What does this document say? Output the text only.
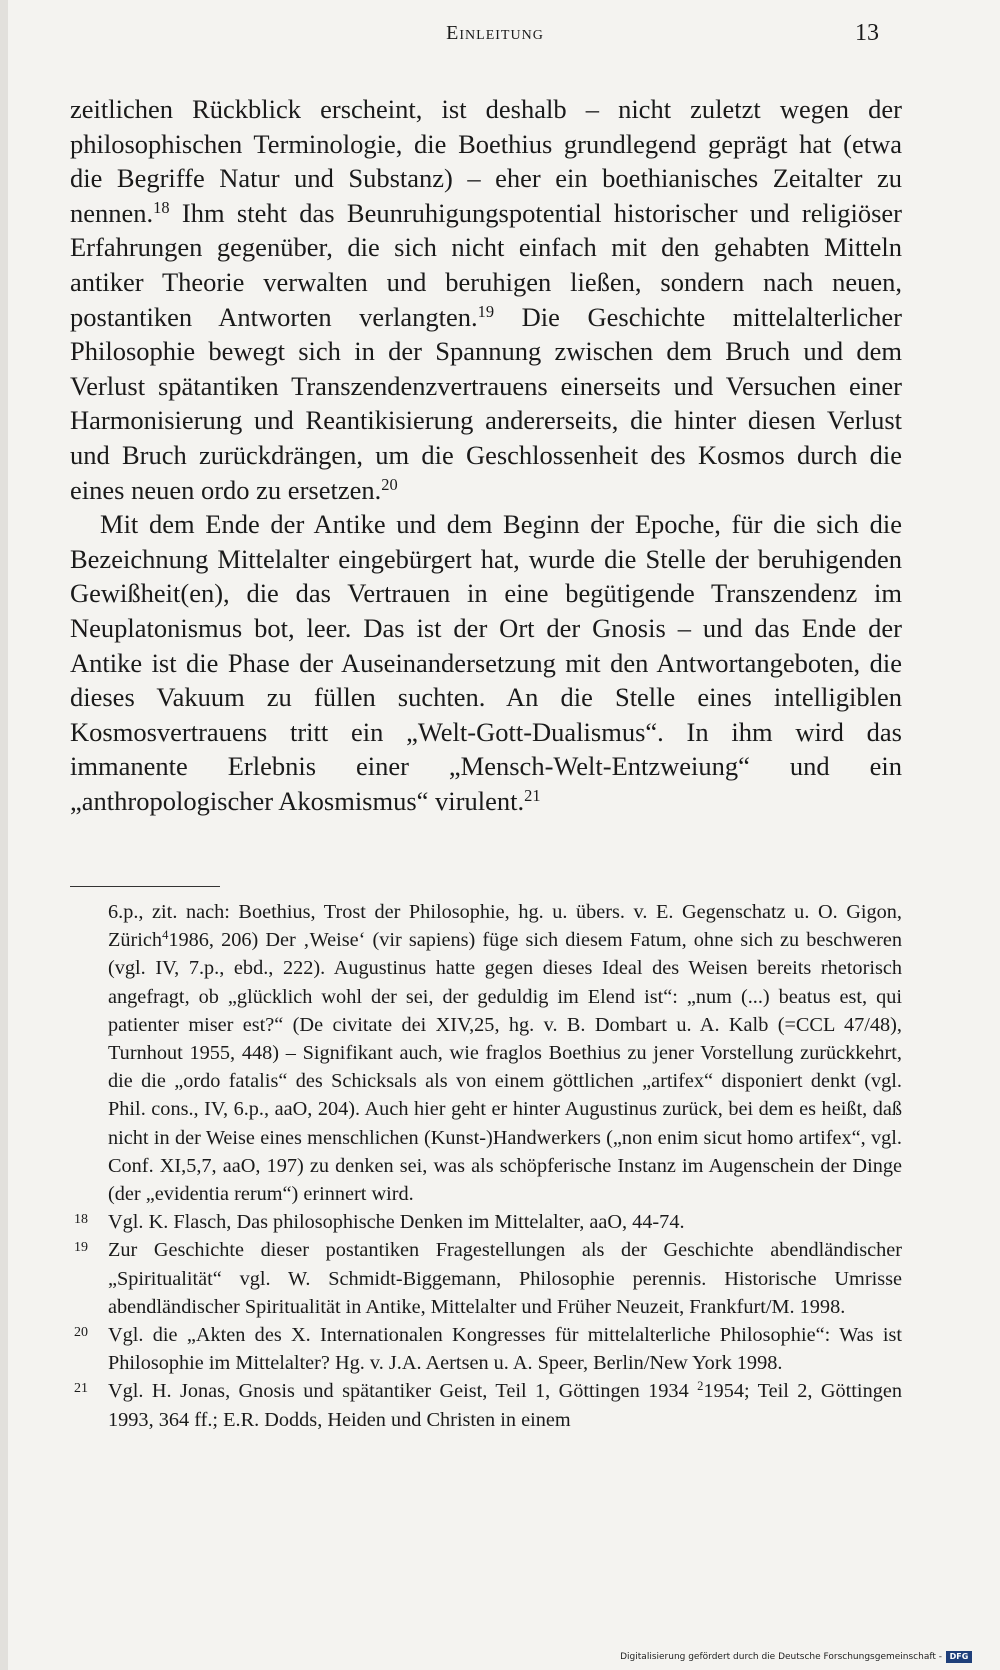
Einleitung	13

zeitlichen Rückblick erscheint, ist deshalb – nicht zuletzt wegen der philosophischen Terminologie, die Boethius grundlegend geprägt hat (etwa die Begriffe Natur und Substanz) – eher ein boethianisches Zeitalter zu nennen.$^{18}$ Ihm steht das Beunruhigungspotential historischer und religiöser Erfahrungen gegenüber, die sich nicht einfach mit den gehabten Mitteln antiker Theorie verwalten und beruhigen ließen, sondern nach neuen, postantiken Antworten verlangten.$^{19}$ Die Geschichte mittelalterlicher Philosophie bewegt sich in der Spannung zwischen dem Bruch und dem Verlust spätantiken Transzendenzvertrauens einerseits und Versuchen einer Harmonisierung und Reantikisierung andererseits, die hinter diesen Verlust und Bruch zurückdrängen, um die Geschlossenheit des Kosmos durch die eines neuen ordo zu ersetzen.$^{20}$

Mit dem Ende der Antike und dem Beginn der Epoche, für die sich die Bezeichnung Mittelalter eingebürgert hat, wurde die Stelle der beruhigenden Gewißheit(en), die das Vertrauen in eine begütigende Transzendenz im Neuplatonismus bot, leer. Das ist der Ort der Gnosis – und das Ende der Antike ist die Phase der Auseinandersetzung mit den Antwortangeboten, die dieses Vakuum zu füllen suchten. An die Stelle eines intelligiblen Kosmosvertrauens tritt ein „Welt-Gott-Dualismus“. In ihm wird das immanente Erlebnis einer „Mensch-Welt-Entzweiung“ und ein „anthropologischer Akosmismus“ virulent.$^{21}$

6.p., zit. nach: Boethius, Trost der Philosophie, hg. u. übers. v. E. Gegenschatz u. O. Gigon, Zürich$^4$1986, 206) Der ‚Weise‘ (vir sapiens) füge sich diesem Fatum, ohne sich zu beschweren (vgl. IV, 7.p., ebd., 222). Augustinus hatte gegen dieses Ideal des Weisen bereits rhetorisch angefragt, ob „glücklich wohl der sei, der geduldig im Elend ist“: „num (...) beatus est, qui patienter miser est?“ (De civitate dei XIV,25, hg. v. B. Dombart u. A. Kalb (=CCL 47/48), Turnhout 1955, 448) – Signifikant auch, wie fraglos Boethius zu jener Vorstellung zurückkehrt, die die „ordo fatalis“ des Schicksals als von einem göttlichen „artifex“ disponiert denkt (vgl. Phil. cons., IV, 6.p., aaO, 204). Auch hier geht er hinter Augustinus zurück, bei dem es heißt, daß nicht in der Weise eines menschlichen (Kunst-)Handwerkers („non enim sicut homo artifex“, vgl. Conf. XI,5,7, aaO, 197) zu denken sei, was als schöpferische Instanz im Augenschein der Dinge (der „evidentia rerum“) erinnert wird.

18 Vgl. K. Flasch, Das philosophische Denken im Mittelalter, aaO, 44-74.

19 Zur Geschichte dieser postantiken Fragestellungen als der Geschichte abendländischer „Spiritualität“ vgl. W. Schmidt-Biggemann, Philosophie perennis. Historische Umrisse abendländischer Spiritualität in Antike, Mittelalter und Früher Neuzeit, Frankfurt/M. 1998.

20 Vgl. die „Akten des X. Internationalen Kongresses für mittelalterliche Philosophie“: Was ist Philosophie im Mittelalter? Hg. v. J.A. Aertsen u. A. Speer, Berlin/New York 1998.

21 Vgl. H. Jonas, Gnosis und spätantiker Geist, Teil 1, Göttingen 1934 $^2$1954; Teil 2, Göttingen 1993, 364 ff.; E.R. Dodds, Heiden und Christen in einem

Digitalisierung gefördert durch die Deutsche Forschungsgemeinschaft - DFG
